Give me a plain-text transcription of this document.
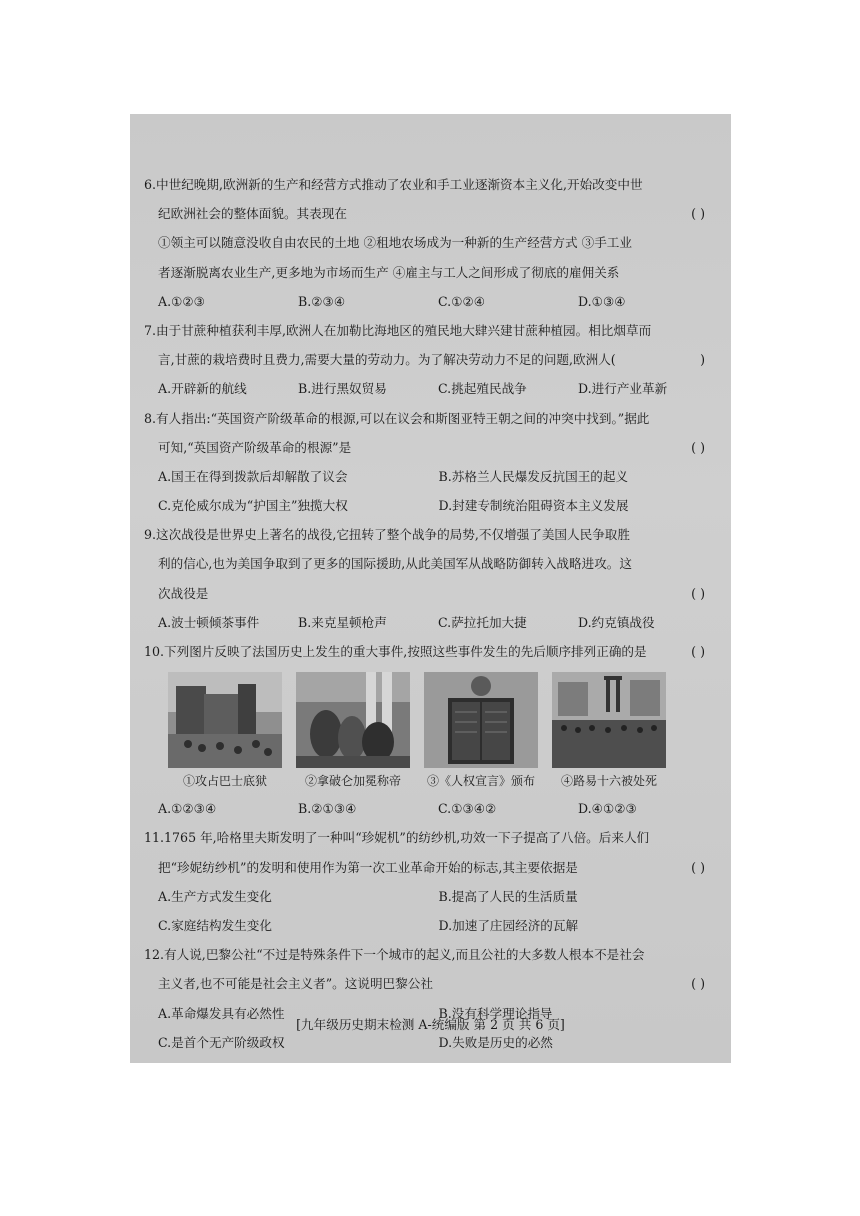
6.中世纪晚期,欧洲新的生产和经营方式推动了农业和手工业逐渐资本主义化,开始改变中世
纪欧洲社会的整体面貌。其表现在	( )
①领主可以随意没收自由农民的土地 ②租地农场成为一种新的生产经营方式 ③手工业
者逐渐脱离农业生产,更多地为市场而生产 ④雇主与工人之间形成了彻底的雇佣关系
A.①②③	B.②③④	C.①②④	D.①③④
7.由于甘蔗种植获利丰厚,欧洲人在加勒比海地区的殖民地大肆兴建甘蔗种植园。相比烟草而
言,甘蔗的栽培费时且费力,需要大量的劳动力。为了解决劳动力不足的问题,欧洲人(	)
A.开辟新的航线	B.进行黑奴贸易	C.挑起殖民战争	D.进行产业革新
8.有人指出:“英国资产阶级革命的根源,可以在议会和斯图亚特王朝之间的冲突中找到。”据此
可知,“英国资产阶级革命的根源”是	( )
A.国王在得到拨款后却解散了议会	B.苏格兰人民爆发反抗国王的起义
C.克伦威尔成为“护国主”独揽大权	D.封建专制统治阻碍资本主义发展
9.这次战役是世界史上著名的战役,它扭转了整个战争的局势,不仅增强了美国人民争取胜
利的信心,也为美国争取到了更多的国际援助,从此美国军从战略防御转入战略进攻。这
次战役是	( )
A.波士顿倾茶事件	B.来克星顿枪声	C.萨拉托加大捷	D.约克镇战役
10.下列图片反映了法国历史上发生的重大事件,按照这些事件发生的先后顺序排列正确的是	( )
①攻占巴士底狱	②拿破仑加冕称帝	③《人权宣言》颁布	④路易十六被处死
A.①②③④	B.②①③④	C.①③④②	D.④①②③
11.1765 年,哈格里夫斯发明了一种叫“珍妮机”的纺纱机,功效一下子提高了八倍。后来人们
把“珍妮纺纱机”的发明和使用作为第一次工业革命开始的标志,其主要依据是	( )
A.生产方式发生变化	B.提高了人民的生活质量
C.家庭结构发生变化	D.加速了庄园经济的瓦解
12.有人说,巴黎公社“不过是特殊条件下一个城市的起义,而且公社的大多数人根本不是社会
主义者,也不可能是社会主义者”。这说明巴黎公社	( )
A.革命爆发具有必然性	B.没有科学理论指导
C.是首个无产阶级政权	D.失败是历史的必然
[九年级历史期末检测 A-统编版 第 2 页 共 6 页]
